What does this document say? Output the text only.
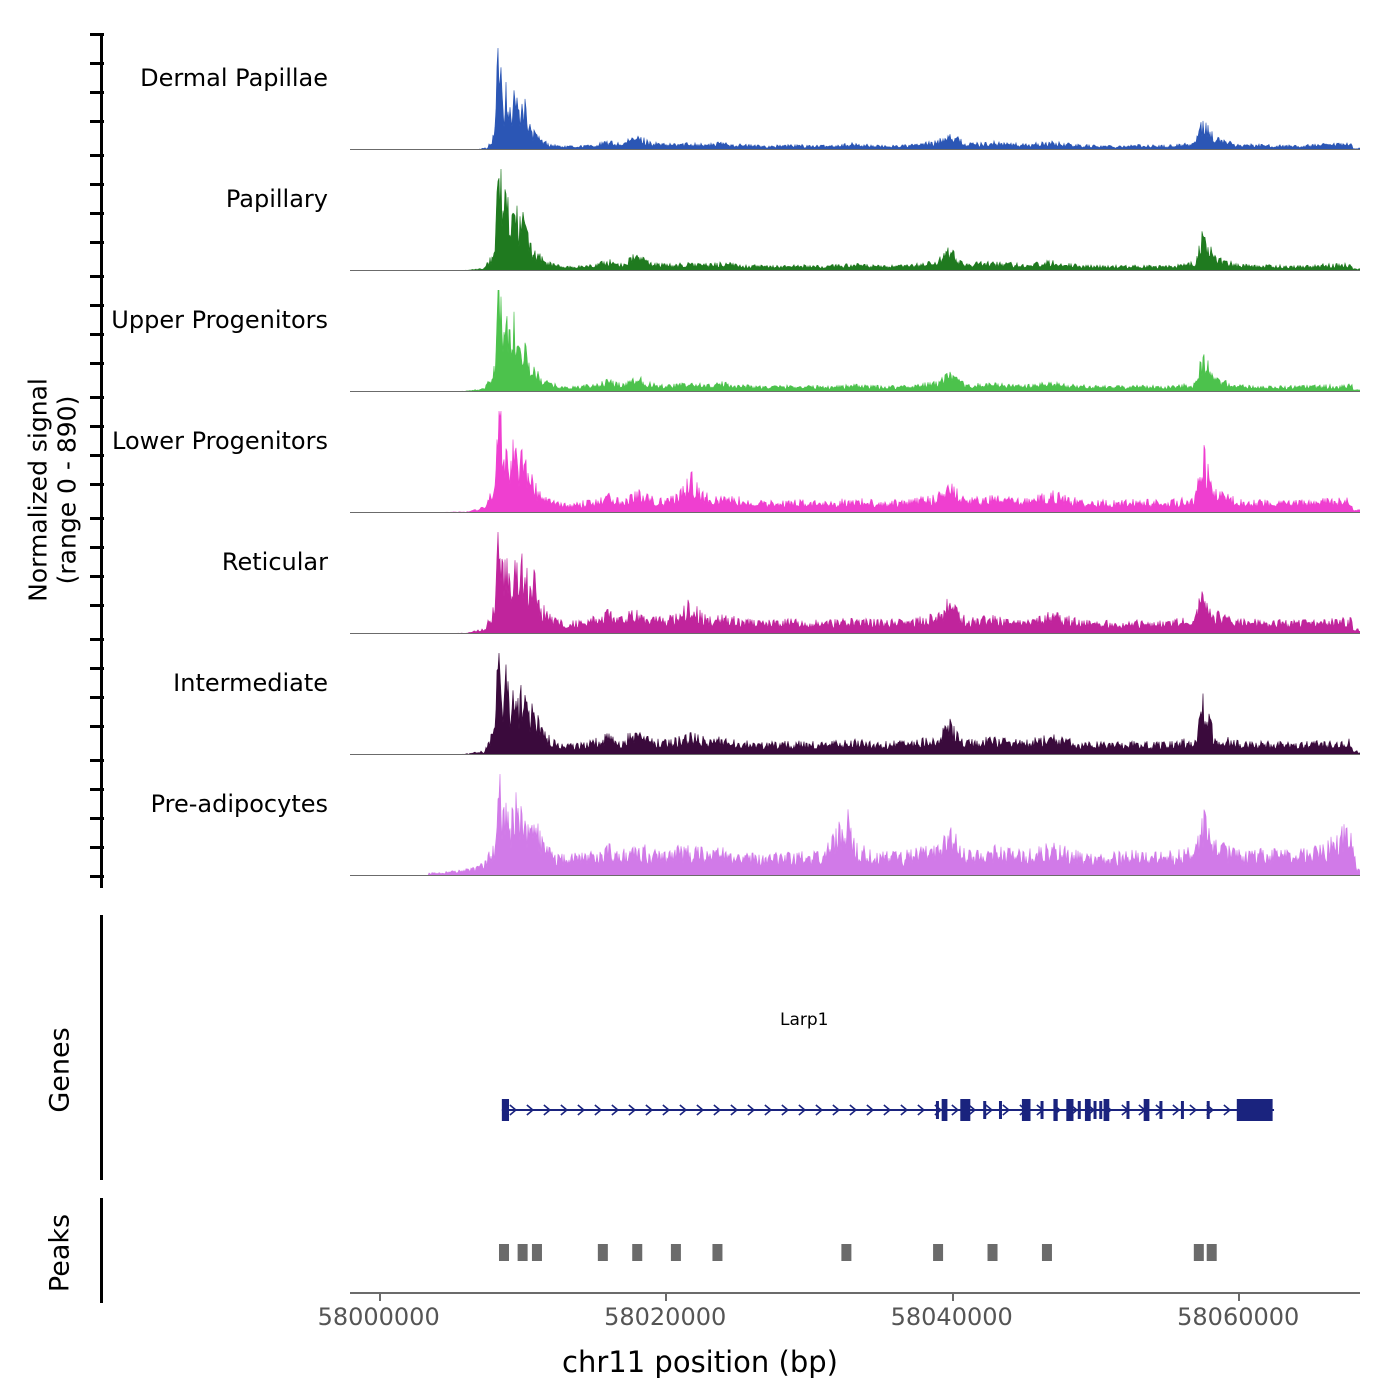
Normalized signal
(range 0 - 890)
Dermal Papillae
Papillary
Upper Progenitors
Lower Progenitors
Reticular
Intermediate
Pre-adipocytes
Genes
Larp1
Peaks
58000000	58020000	58040000	58060000
chr11 position (bp)
